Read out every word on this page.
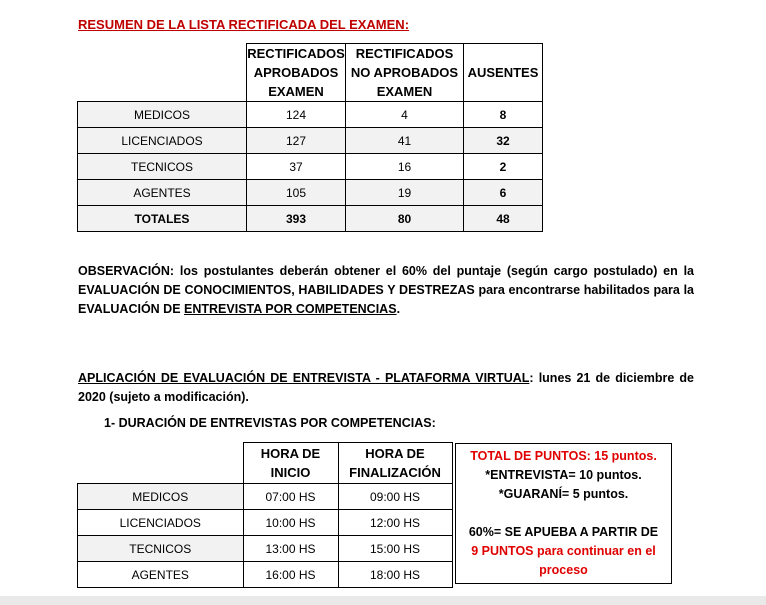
RESUMEN DE LA LISTA RECTIFICADA DEL EXAMEN:
	RECTIFICADOS APROBADOS EXAMEN	RECTIFICADOS NO APROBADOS EXAMEN	AUSENTES
MEDICOS	124	4	8
LICENCIADOS	127	41	32
TECNICOS	37	16	2
AGENTES	105	19	6
TOTALES	393	80	48
OBSERVACIÓN: los postulantes deberán obtener el 60% del puntaje (según cargo postulado) en la EVALUACIÓN DE CONOCIMIENTOS, HABILIDADES Y DESTREZAS para encontrarse habilitados para la EVALUACIÓN DE ENTREVISTA POR COMPETENCIAS.
APLICACIÓN DE EVALUACIÓN DE ENTREVISTA - PLATAFORMA VIRTUAL: lunes 21 de diciembre de 2020 (sujeto a modificación).
1- DURACIÓN DE ENTREVISTAS POR COMPETENCIAS:
	HORA DE INICIO	HORA DE FINALIZACIÓN
MEDICOS	07:00 HS	09:00 HS
LICENCIADOS	10:00 HS	12:00 HS
TECNICOS	13:00 HS	15:00 HS
AGENTES	16:00 HS	18:00 HS
TOTAL DE PUNTOS: 15 puntos.
*ENTREVISTA= 10 puntos.
*GUARANÍ= 5 puntos.
60%= SE APUEBA A PARTIR DE
9 PUNTOS para continuar en el proceso
